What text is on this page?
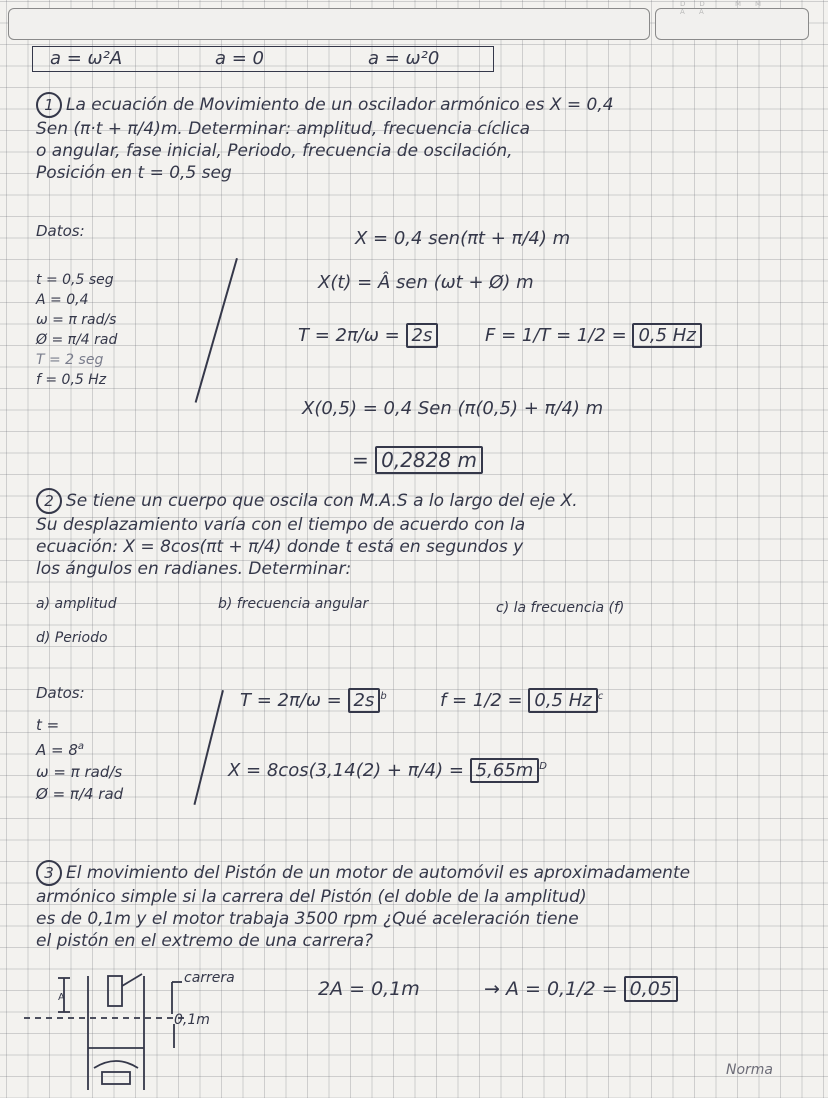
DD MM AA
a = ω²A	a = 0	a = ω²0
1 La ecuación de Movimiento de un oscilador armónico es X = 0,4
Sen (π·t + π/4)m. Determinar: amplitud, frecuencia cíclica
o angular, fase inicial, Periodo, frecuencia de oscilación,
Posición en t = 0,5 seg
Datos:
t = 0,5 seg
A = 0,4
ω = π rad/s
Ø = π/4 rad
T = 2 seg
f = 0,5 Hz
X = 0,4 sen(πt + π/4) m
X(t) = Â sen (ωt + Ø) m
T = 2π/ω = 2s	F = 1/T = 1/2 = 0,5 Hz
X(0,5) = 0,4 Sen (π(0,5) + π/4) m
= 0,2828 m
2 Se tiene un cuerpo que oscila con M.A.S a lo largo del eje X.
Su desplazamiento varía con el tiempo de acuerdo con la
ecuación: X = 8cos(πt + π/4) donde t está en segundos y
los ángulos en radianes. Determinar:
a) amplitud	b) frecuencia angular	c) la frecuencia (f)
d) Periodo
Datos:
t =
$A = 8^a$
ω = π rad/s
Ø = π/4 rad
T = 2π/ω = 2s $^b$	f = 1/2 = 0,5 Hz $^c$
X = 8cos(3,14(2) + π/4) = 5,65m $^D$
3 El movimiento del Pistón de un motor de automóvil es aproximadamente
armónico simple si la carrera del Pistón (el doble de la amplitud)
es de 0,1m y el motor trabaja 3500 rpm ¿Qué aceleración tiene
el pistón en el extremo de una carrera?
carrera
0,1m
A	2A = 0,1m	→ A = 0,1/2 = 0,05
Norma
